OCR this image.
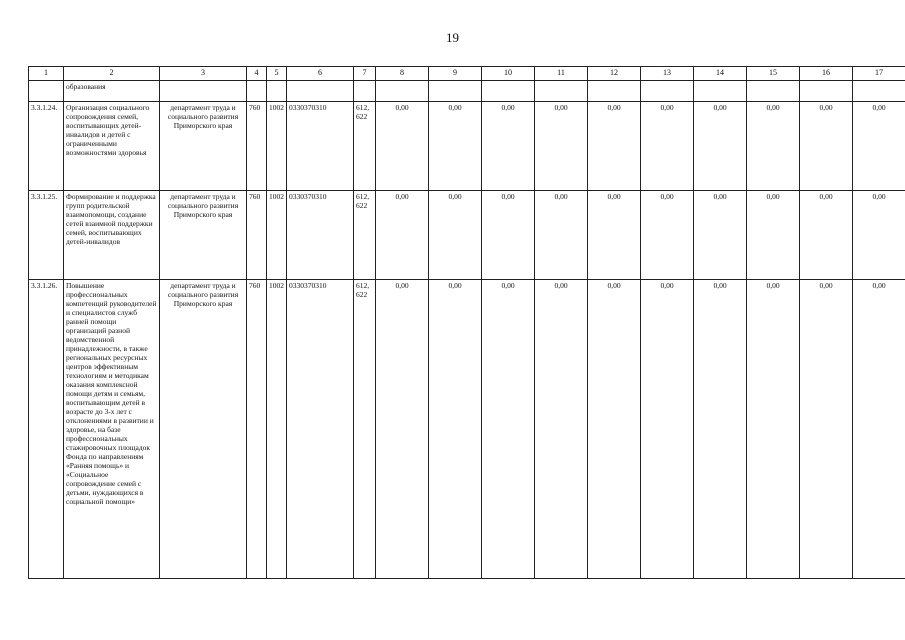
19
1	2	3	4	5	6	7	8	9	10	11	12	13	14	15	16	17
	образования															
3.3.1.24.	Организация социального сопровождения семей, воспитывающих детей-инвалидов и детей с ограниченными возможностями здоровья	департамент труда и социального развития Приморского края	760	1002	0330370310	612, 622	0,00	0,00	0,00	0,00	0,00	0,00	0,00	0,00	0,00	0,00
3.3.1.25.	Формирование и поддержка групп родительской взаимопомощи, создание сетей взаимной поддержки семей, воспитывающих детей-инвалидов	департамент труда и социального развития Приморского края	760	1002	0330370310	612, 622	0,00	0,00	0,00	0,00	0,00	0,00	0,00	0,00	0,00	0,00
3.3.1.26.	Повышение профессиональных компетенций руководителей и специалистов служб ранней помощи организаций разной ведомственной принадлежности, в также региональных ресурсных центров эффективным технологиям и методикам оказания комплексной помощи детям и семьям, воспитывающим детей в возрасте до 3-х лет с отклонениями в развитии и здоровье, на базе профессиональных стажировочных площадок Фонда по направлениям «Ранняя помощь» и «Социальное сопровождение семей с детьми, нуждающихся в социальной помощи»	департамент труда и социального развития Приморского края	760	1002	0330370310	612, 622	0,00	0,00	0,00	0,00	0,00	0,00	0,00	0,00	0,00	0,00
